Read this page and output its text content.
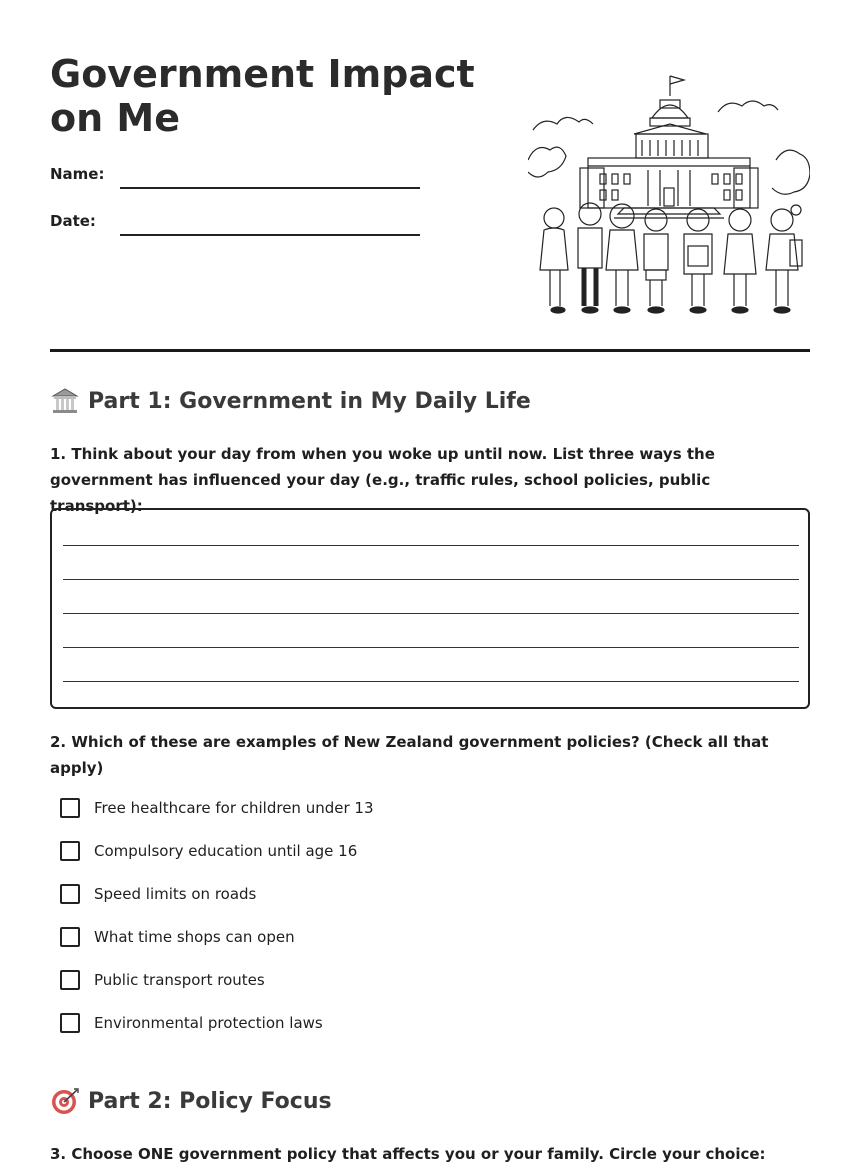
Government Impact on Me
Name:
Date:
Part 1: Government in My Daily Life

1. Think about your day from when you woke up until now. List three ways the government has influenced your day (e.g., traffic rules, school policies, public transport):

2. Which of these are examples of New Zealand government policies? (Check all that apply)

Free healthcare for children under 13
Compulsory education until age 16
Speed limits on roads
What time shops can open
Public transport routes
Environmental protection laws
Part 2: Policy Focus

3. Choose ONE government policy that affects you or your family. Circle your choice:
